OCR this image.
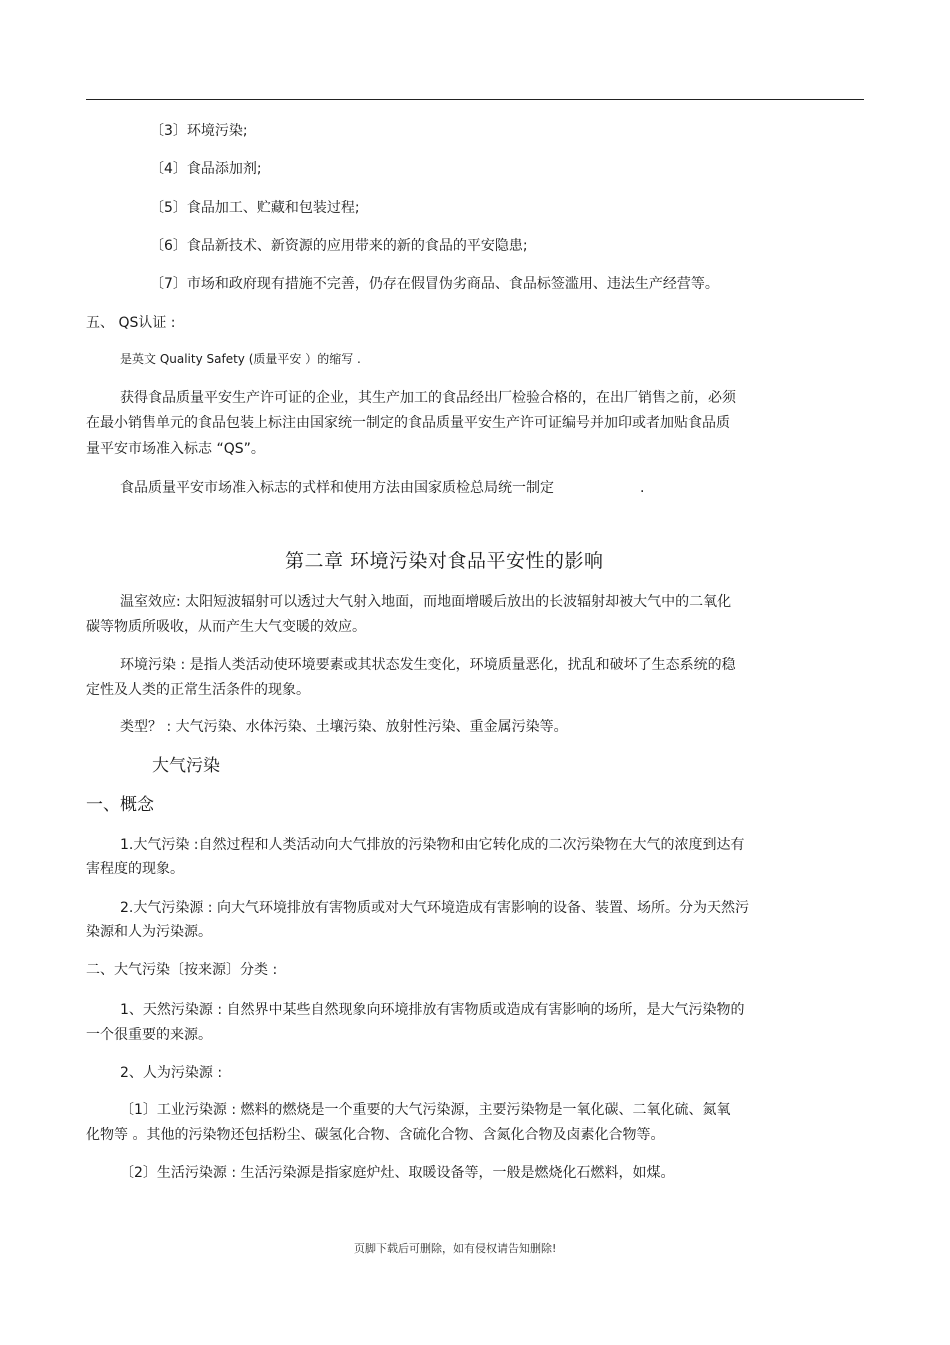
〔3〕环境污染;
〔4〕食品添加剂;
〔5〕食品加工、贮藏和包装过程;
〔6〕食品新技术、新资源的应用带来的新的食品的平安隐患;
〔7〕市场和政府现有措施不完善，仍存在假冒伪劣商品、食品标签滥用、违法生产经营等。
五、 QS认证 :
是英文 Quality Safety (质量平安 ）的缩写 .
获得食品质量平安生产许可证的企业，其生产加工的食品经出厂检验合格的，在出厂销售之前，必须
在最小销售单元的食品包装上标注由国家统一制定的食品质量平安生产许可证编号并加印或者加贴食品质
量平安市场准入标志 “QS”。
食品质量平安市场准入标志的式样和使用方法由国家质检总局统一制定	.
第二章 环境污染对食品平安性的影响
温室效应: 太阳短波辐射可以透过大气射入地面，而地面增暖后放出的长波辐射却被大气中的二氧化
碳等物质所吸收，从而产生大气变暖的效应。
环境污染 : 是指人类活动使环境要素或其状态发生变化，环境质量恶化，扰乱和破坏了生态系统的稳
定性及人类的正常生活条件的现象。
类型？ : 大气污染、水体污染、土壤污染、放射性污染、重金属污染等。
大气污染
一、概念
1.大气污染 :自然过程和人类活动向大气排放的污染物和由它转化成的二次污染物在大气的浓度到达有
害程度的现象。
2.大气污染源 : 向大气环境排放有害物质或对大气环境造成有害影响的设备、装置、场所。分为天然污
染源和人为污染源。
二、大气污染〔按来源〕分类 :
1、天然污染源 : 自然界中某些自然现象向环境排放有害物质或造成有害影响的场所，是大气污染物的
一个很重要的来源。
2、人为污染源 :
〔1〕工业污染源 : 燃料的燃烧是一个重要的大气污染源，主要污染物是一氧化碳、二氧化硫、氮氧
化物等 。其他的污染物还包括粉尘、碳氢化合物、含硫化合物、含氮化合物及卤素化合物等。
〔2〕生活污染源 : 生活污染源是指家庭炉灶、取暖设备等，一般是燃烧化石燃料，如煤。
页脚下载后可删除，如有侵权请告知删除!
